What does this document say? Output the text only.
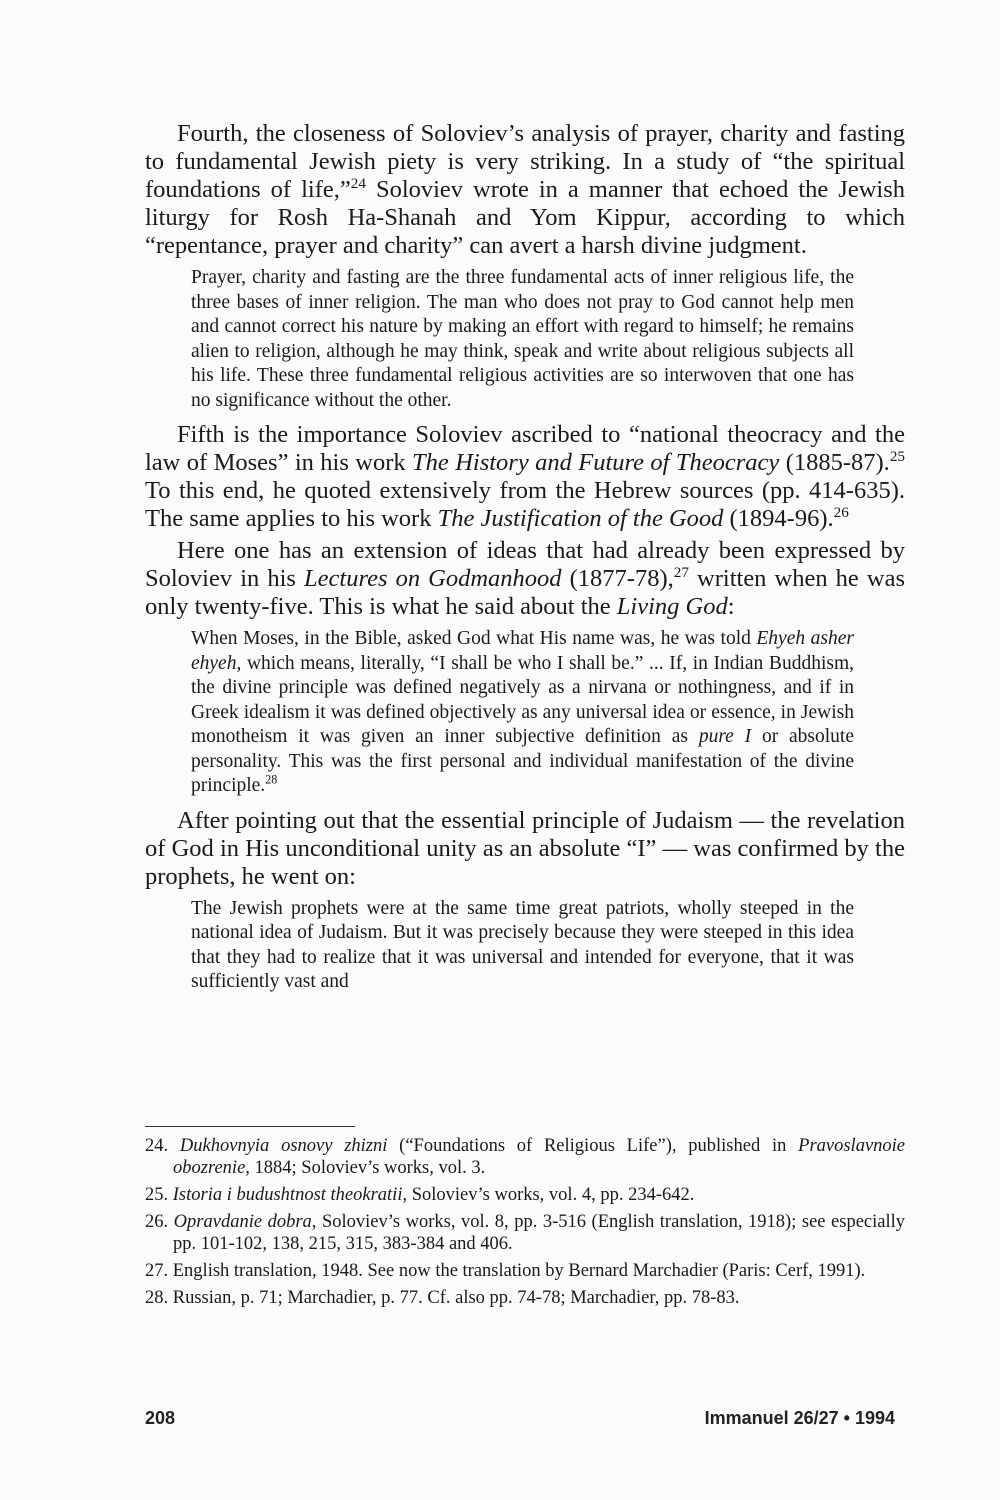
Fourth, the closeness of Soloviev’s analysis of prayer, charity and fasting to fundamental Jewish piety is very striking. In a study of “the spiritual foundations of life,”$^{24}$ Soloviev wrote in a manner that echoed the Jewish liturgy for Rosh Ha-Shanah and Yom Kippur, according to which “repentance, prayer and charity” can avert a harsh divine judgment.

Prayer, charity and fasting are the three fundamental acts of inner religious life, the three bases of inner religion. The man who does not pray to God cannot help men and cannot correct his nature by making an effort with regard to himself; he remains alien to religion, although he may think, speak and write about religious subjects all his life. These three fundamental religious activities are so interwoven that one has no significance without the other.

Fifth is the importance Soloviev ascribed to “national theocracy and the law of Moses” in his work The History and Future of Theocracy (1885-87).$^{25}$ To this end, he quoted extensively from the Hebrew sources (pp. 414-635). The same applies to his work The Justification of the Good (1894-96).$^{26}$

Here one has an extension of ideas that had already been expressed by Soloviev in his Lectures on Godmanhood (1877-78),$^{27}$ written when he was only twenty-five. This is what he said about the Living God:

When Moses, in the Bible, asked God what His name was, he was told Ehyeh asher ehyeh, which means, literally, “I shall be who I shall be.” ... If, in Indian Buddhism, the divine principle was defined negatively as a nirvana or nothingness, and if in Greek idealism it was defined objectively as any universal idea or essence, in Jewish monotheism it was given an inner subjective definition as pure I or absolute personality. This was the first personal and individual manifestation of the divine principle.$^{28}$

After pointing out that the essential principle of Judaism — the revelation of God in His unconditional unity as an absolute “I” — was confirmed by the prophets, he went on:

The Jewish prophets were at the same time great patriots, wholly steeped in the national idea of Judaism. But it was precisely because they were steeped in this idea that they had to realize that it was universal and intended for everyone, that it was sufficiently vast and

24. Dukhovnyia osnovy zhizni (“Foundations of Religious Life”), published in Pravoslavnoie obozrenie, 1884; Soloviev’s works, vol. 3.

25. Istoria i budushtnost theokratii, Soloviev’s works, vol. 4, pp. 234-642.

26. Opravdanie dobra, Soloviev’s works, vol. 8, pp. 3-516 (English translation, 1918); see especially pp. 101-102, 138, 215, 315, 383-384 and 406.

27. English translation, 1948. See now the translation by Bernard Marchadier (Paris: Cerf, 1991).

28. Russian, p. 71; Marchadier, p. 77. Cf. also pp. 74-78; Marchadier, pp. 78-83.

208	Immanuel 26/27 • 1994
